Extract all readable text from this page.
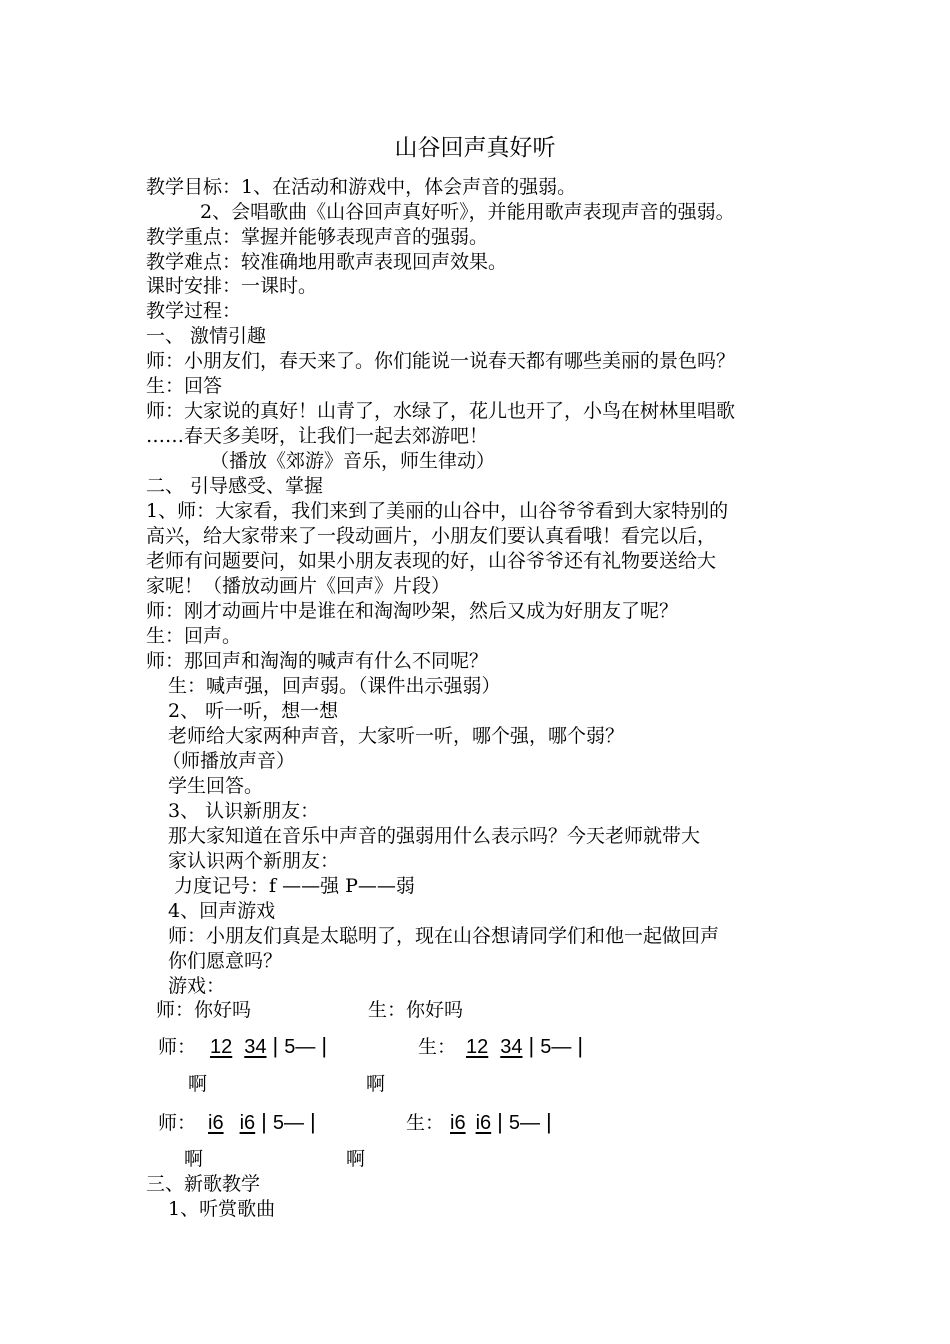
山谷回声真好听
教学目标：1、在活动和游戏中，体会声音的强弱。
2、会唱歌曲《山谷回声真好听》，并能用歌声表现声音的强弱。
教学重点：掌握并能够表现声音的强弱。
教学难点：较准确地用歌声表现回声效果。
课时安排：一课时。
教学过程：
一、 激情引趣
师：小朋友们，春天来了。你们能说一说春天都有哪些美丽的景色吗？
生：回答
师：大家说的真好！山青了，水绿了，花儿也开了，小鸟在树林里唱歌
……春天多美呀，让我们一起去郊游吧！
（播放《郊游》音乐，师生律动）
二、 引导感受、掌握
1、师：大家看，我们来到了美丽的山谷中，山谷爷爷看到大家特别的
高兴，给大家带来了一段动画片，小朋友们要认真看哦！看完以后，
老师有问题要问，如果小朋友表现的好，山谷爷爷还有礼物要送给大
家呢！（播放动画片《回声》片段）
师：刚才动画片中是谁在和淘淘吵架，然后又成为好朋友了呢？
生：回声。
师：那回声和淘淘的喊声有什么不同呢？
生：喊声强，回声弱。（课件出示强弱）
2、 听一听，想一想
老师给大家两种声音，大家听一听，哪个强，哪个弱？
（师播放声音）
学生回答。
3、 认识新朋友：
那大家知道在音乐中声音的强弱用什么表示吗？今天老师就带大
家认识两个新朋友：
力度记号：f ——强 P——弱
4、回声游戏
师：小朋友们真是太聪明了，现在山谷想请同学们和他一起做回声
你们愿意吗？
游戏：
师：你好吗	生：你好吗
师： 12 34 | 5— |	生： 12 34 | 5— |
啊	啊
师： i6 i6 | 5— |	生： i6 i6 | 5— |
啊	啊
三、新歌教学
1、听赏歌曲
